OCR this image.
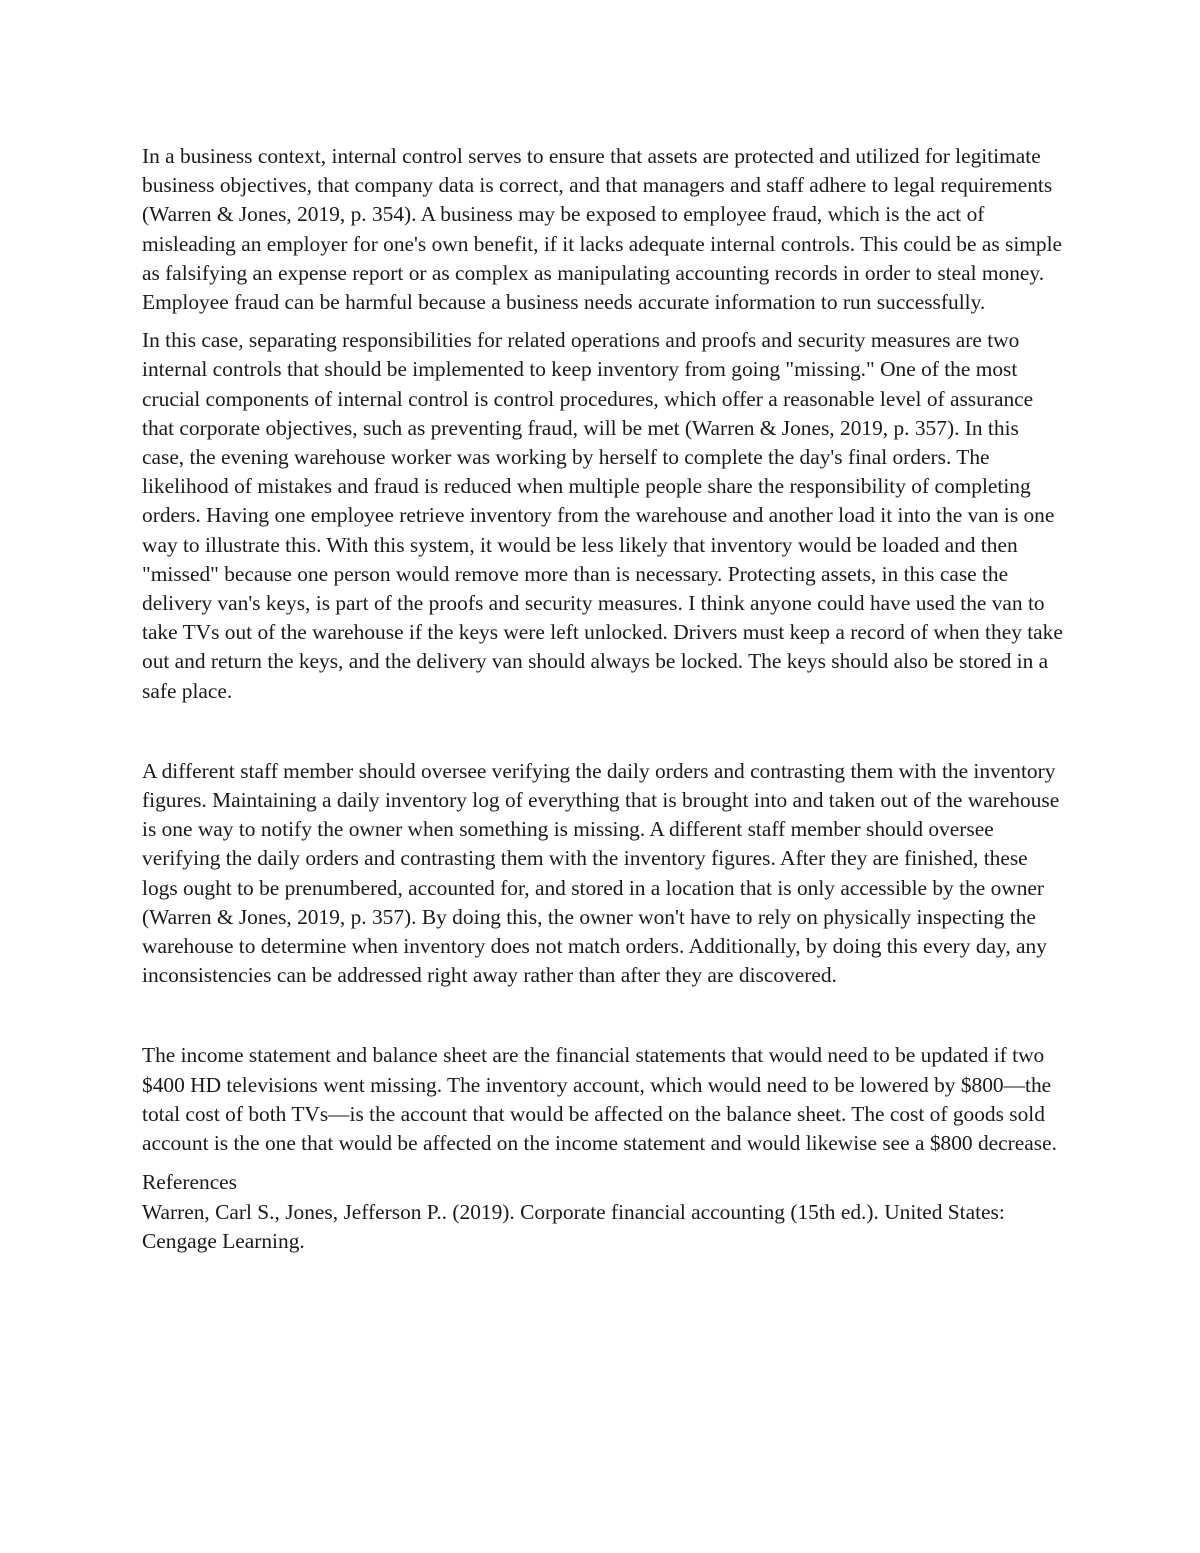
In a business context, internal control serves to ensure that assets are protected and utilized for legitimate business objectives, that company data is correct, and that managers and staff adhere to legal requirements (Warren & Jones, 2019, p. 354). A business may be exposed to employee fraud, which is the act of misleading an employer for one's own benefit, if it lacks adequate internal controls. This could be as simple as falsifying an expense report or as complex as manipulating accounting records in order to steal money. Employee fraud can be harmful because a business needs accurate information to run successfully.

In this case, separating responsibilities for related operations and proofs and security measures are two internal controls that should be implemented to keep inventory from going "missing." One of the most crucial components of internal control is control procedures, which offer a reasonable level of assurance that corporate objectives, such as preventing fraud, will be met (Warren & Jones, 2019, p. 357). In this case, the evening warehouse worker was working by herself to complete the day's final orders. The likelihood of mistakes and fraud is reduced when multiple people share the responsibility of completing orders. Having one employee retrieve inventory from the warehouse and another load it into the van is one way to illustrate this. With this system, it would be less likely that inventory would be loaded and then "missed" because one person would remove more than is necessary. Protecting assets, in this case the delivery van's keys, is part of the proofs and security measures. I think anyone could have used the van to take TVs out of the warehouse if the keys were left unlocked. Drivers must keep a record of when they take out and return the keys, and the delivery van should always be locked. The keys should also be stored in a safe place.

A different staff member should oversee verifying the daily orders and contrasting them with the inventory figures. Maintaining a daily inventory log of everything that is brought into and taken out of the warehouse is one way to notify the owner when something is missing. A different staff member should oversee verifying the daily orders and contrasting them with the inventory figures. After they are finished, these logs ought to be prenumbered, accounted for, and stored in a location that is only accessible by the owner (Warren & Jones, 2019, p. 357). By doing this, the owner won't have to rely on physically inspecting the warehouse to determine when inventory does not match orders. Additionally, by doing this every day, any inconsistencies can be addressed right away rather than after they are discovered.

The income statement and balance sheet are the financial statements that would need to be updated if two $400 HD televisions went missing. The inventory account, which would need to be lowered by $800—the total cost of both TVs—is the account that would be affected on the balance sheet. The cost of goods sold account is the one that would be affected on the income statement and would likewise see a $800 decrease.

References
Warren, Carl S., Jones, Jefferson P.. (2019). Corporate financial accounting (15th ed.). United States: Cengage Learning.
